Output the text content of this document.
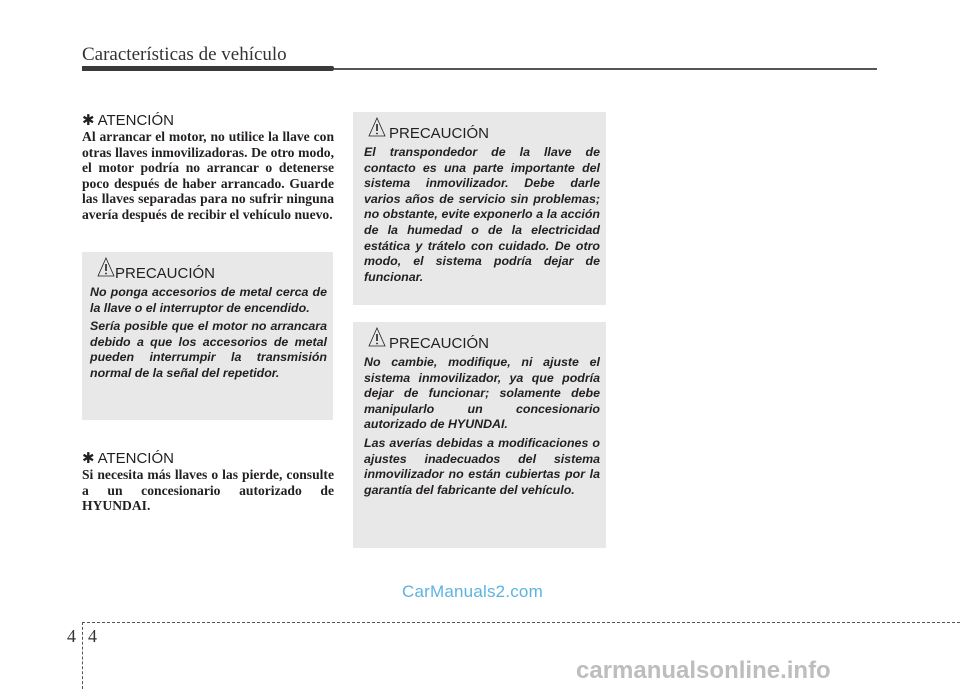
Características de vehículo
✱ ATENCIÓN
Al arrancar el motor, no utilice la llave con otras llaves inmovilizadoras. De otro modo, el motor podría no arrancar o detenerse poco después de haber arrancado. Guarde las llaves separadas para no sufrir ninguna avería después de recibir el vehículo nuevo.
PRECAUCIÓN

No ponga accesorios de metal cerca de la llave o el interruptor de encendido.

Sería posible que el motor no arrancara debido a que los accesorios de metal pueden interrumpir la transmisión normal de la señal del repetidor.

✱ ATENCIÓN
Si necesita más llaves o las pierde, consulte a un concesionario autorizado de HYUNDAI.
PRECAUCIÓN

El transpondedor de la llave de contacto es una parte importante del sistema inmovilizador. Debe darle varios años de servicio sin problemas; no obstante, evite exponerlo a la acción de la humedad o de la electricidad estática y trátelo con cuidado. De otro modo, el sistema podría dejar de funcionar.

PRECAUCIÓN

No cambie, modifique, ni ajuste el sistema inmovilizador, ya que podría dejar de funcionar; solamente debe manipularlo un concesionario autorizado de HYUNDAI.

Las averías debidas a modificaciones o ajustes inadecuados del sistema inmovilizador no están cubiertas por la garantía del fabricante del vehículo.

CarManuals2.com
carmanualsonline.info
4 4
